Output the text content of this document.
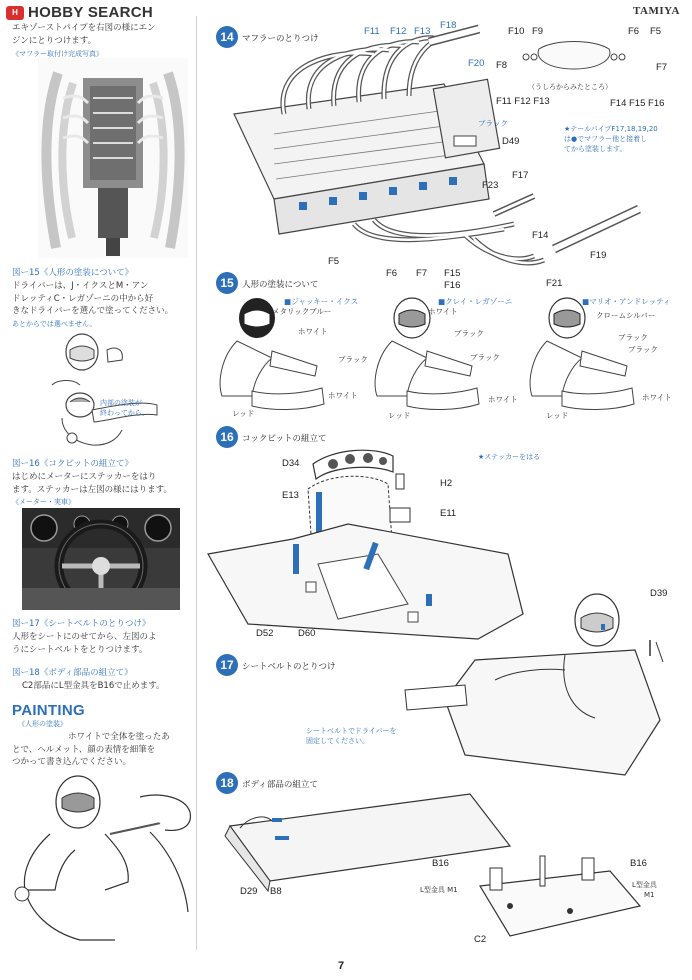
H HOBBY SEARCH	TAMIYA
エキゾーストパイプを右図の様にエン
ジンにとりつけます。
《マフラー取付け完成写真》
図ー15《人形の塗装について》
ドライバーは、J・イクスとM・アン
ドレッティC・レガゾーニの中から好
きなドライバーを選んで塗ってください。
あとからでは選べません。
内部の塗装が
終わってから。
図ー16《コクピットの組立て》
はじめにメーターにステッカーをはり
ます。ステッカーは左図の様にはります。
《メーター・実車》
図ー17《シートベルトのとりつけ》
人形をシートにのせてから、左図のよ
うにシートベルトをとりつけます。
図ー18《ボディ部品の組立て》
C2部品にL型金具をB16で止めます。
PAINTING
《人形の塗装》
ホワイトで全体を塗ったあ
とで、ヘルメット、顔の表情を細筆を
つかって書き込んでください。
14 マフラーのとりつけ
F11 F12 F13
F18
F20
F10 F9
F8
F6 F5
F7
F11 F12 F13	F14 F15 F16
（うしろからみたところ）
ブラック
D49
★テールパイプF17,18,19,20
は●でマフラー他と接着し
てから塗装します。
F23
F17
F14
F19
F5
F6 F7 F15
F16	F21
15 人形の塗装について
■ジャッキー・イクス
メタリックブルー
ホワイト
ブラック
ホワイト
レッド
■クレイ・レガゾーニ
ホワイト
ブラック
ブラック
ホワイト
レッド
■マリオ・アンドレッティ
クロームシルバー
ブラック
ブラック
ホワイト
レッド
16 コックピットの組立て
★ステッカーをはる
D34
H2
E13
E11
D52	D60
17 シートベルトのとりつけ
シートベルトでドライバーを
固定してください。
D39
18 ボディ部品の組立て
D29 B8
B16	B16
C2
L型金具 M1
L型金具
M1
7
